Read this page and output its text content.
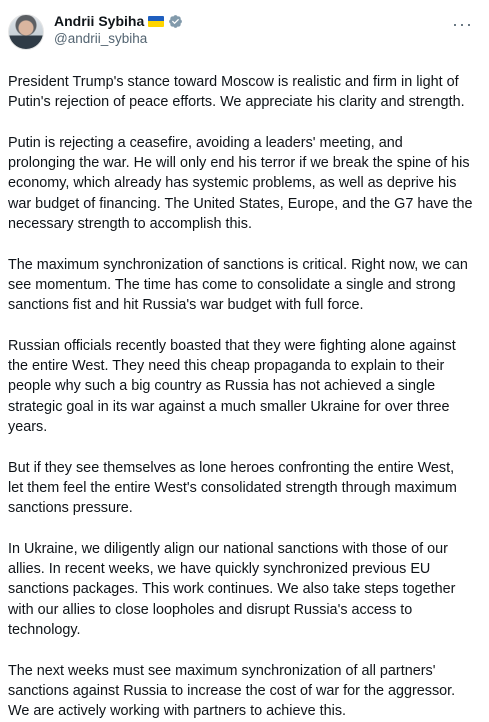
Andrii Sybiha
@andrii_sybiha
···

President Trump's stance toward Moscow is realistic and firm in light of Putin's rejection of peace efforts. We appreciate his clarity and strength.

Putin is rejecting a ceasefire, avoiding a leaders' meeting, and prolonging the war. He will only end his terror if we break the spine of his economy, which already has systemic problems, as well as deprive his war budget of financing. The United States, Europe, and the G7 have the necessary strength to accomplish this.

The maximum synchronization of sanctions is critical. Right now, we can see momentum. The time has come to consolidate a single and strong sanctions fist and hit Russia's war budget with full force.

Russian officials recently boasted that they were fighting alone against the entire West. They need this cheap propaganda to explain to their people why such a big country as Russia has not achieved a single strategic goal in its war against a much smaller Ukraine for over three years.

But if they see themselves as lone heroes confronting the entire West, let them feel the entire West's consolidated strength through maximum sanctions pressure.

In Ukraine, we diligently align our national sanctions with those of our allies. In recent weeks, we have quickly synchronized previous EU sanctions packages. This work continues. We also take steps together with our allies to close loopholes and disrupt Russia's access to technology.

The next weeks must see maximum synchronization of all partners' sanctions against Russia to increase the cost of war for the aggressor. We are actively working with partners to achieve this.
